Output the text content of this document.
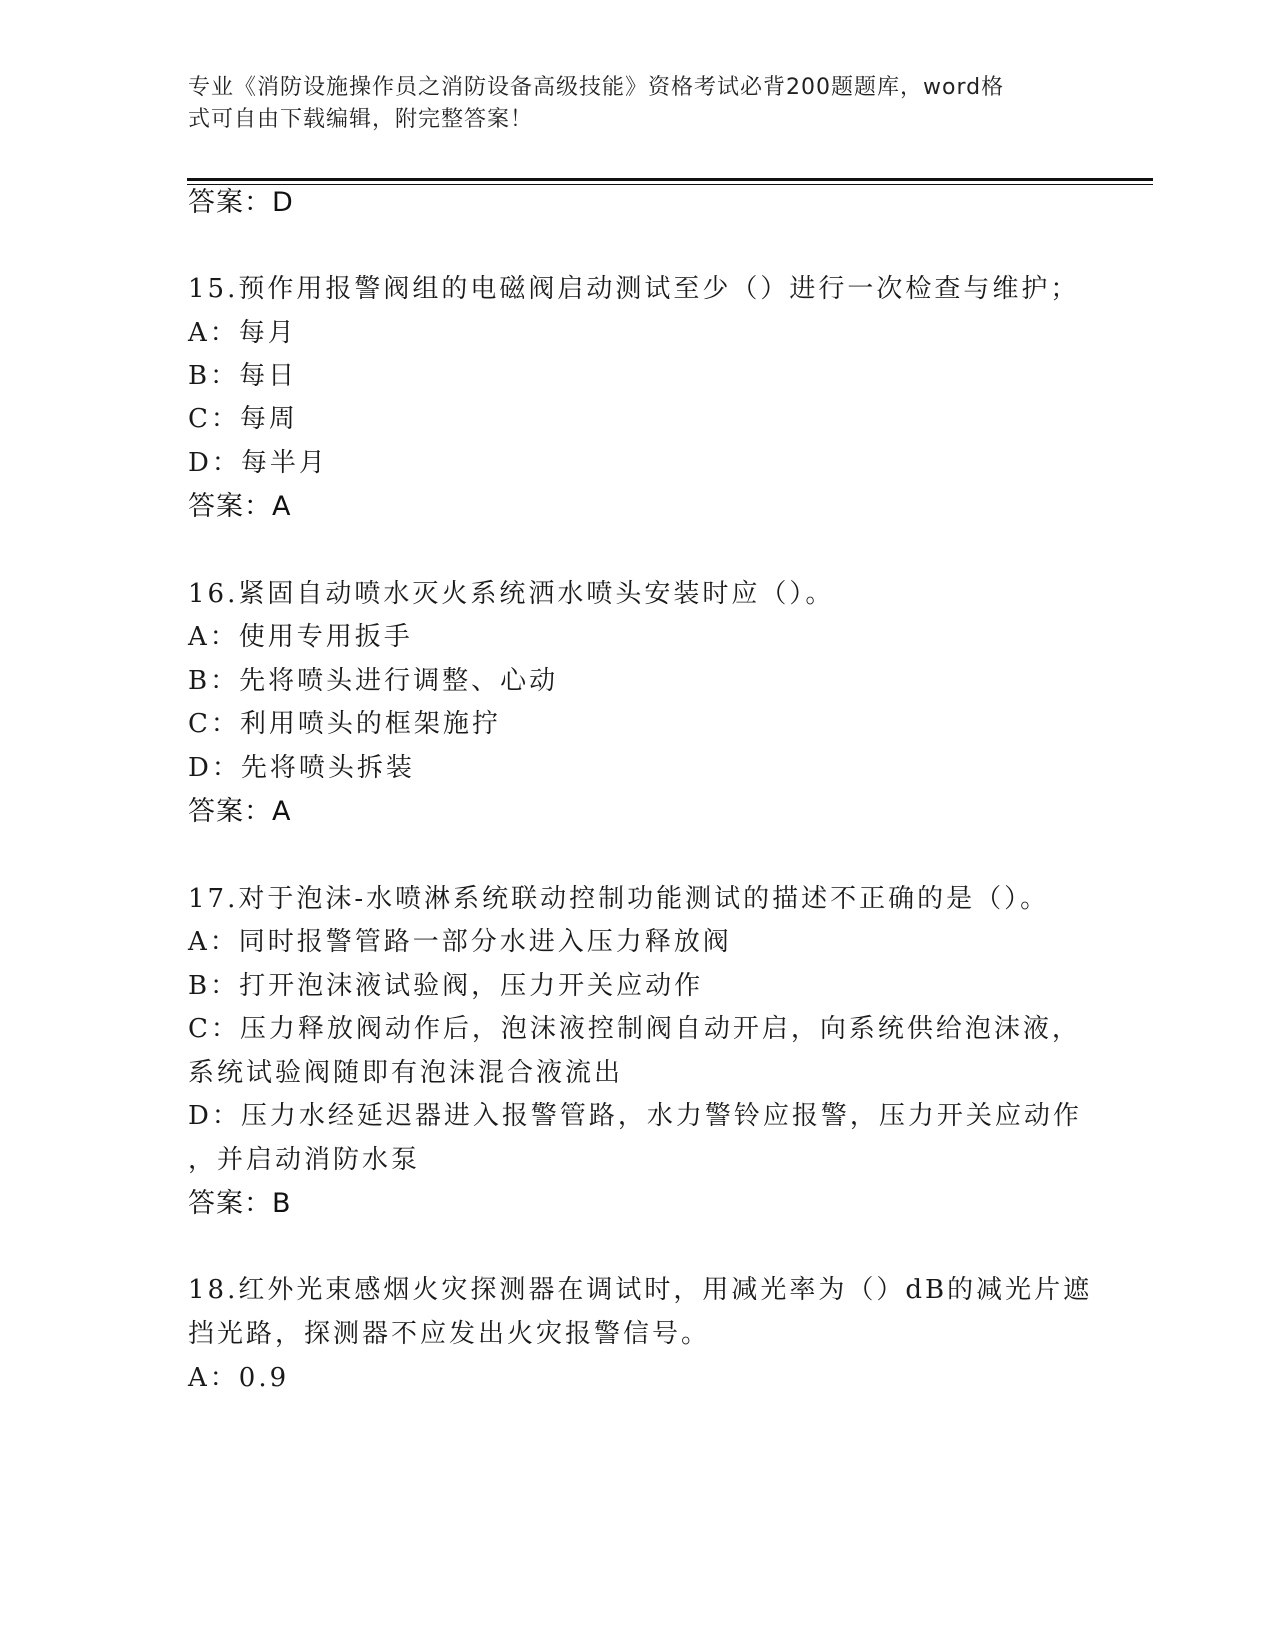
专业《消防设施操作员之消防设备高级技能》资格考试必背200题题库，word格
式可自由下载编辑，附完整答案！
答案：D
15.预作用报警阀组的电磁阀启动测试至少（）进行一次检查与维护；
A：每月
B：每日
C：每周
D：每半月
答案：A
16.紧固自动喷水灭火系统洒水喷头安装时应（）。
A：使用专用扳手
B：先将喷头进行调整、心动
C：利用喷头的框架施拧
D：先将喷头拆装
答案：A
17.对于泡沫-水喷淋系统联动控制功能测试的描述不正确的是（）。
A：同时报警管路一部分水进入压力释放阀
B：打开泡沫液试验阀，压力开关应动作
C：压力释放阀动作后，泡沫液控制阀自动开启，向系统供给泡沫液，
系统试验阀随即有泡沫混合液流出
D：压力水经延迟器进入报警管路，水力警铃应报警，压力开关应动作
，并启动消防水泵
答案：B
18.红外光束感烟火灾探测器在调试时，用减光率为（）dB的减光片遮
挡光路，探测器不应发出火灾报警信号。
A：0.9
